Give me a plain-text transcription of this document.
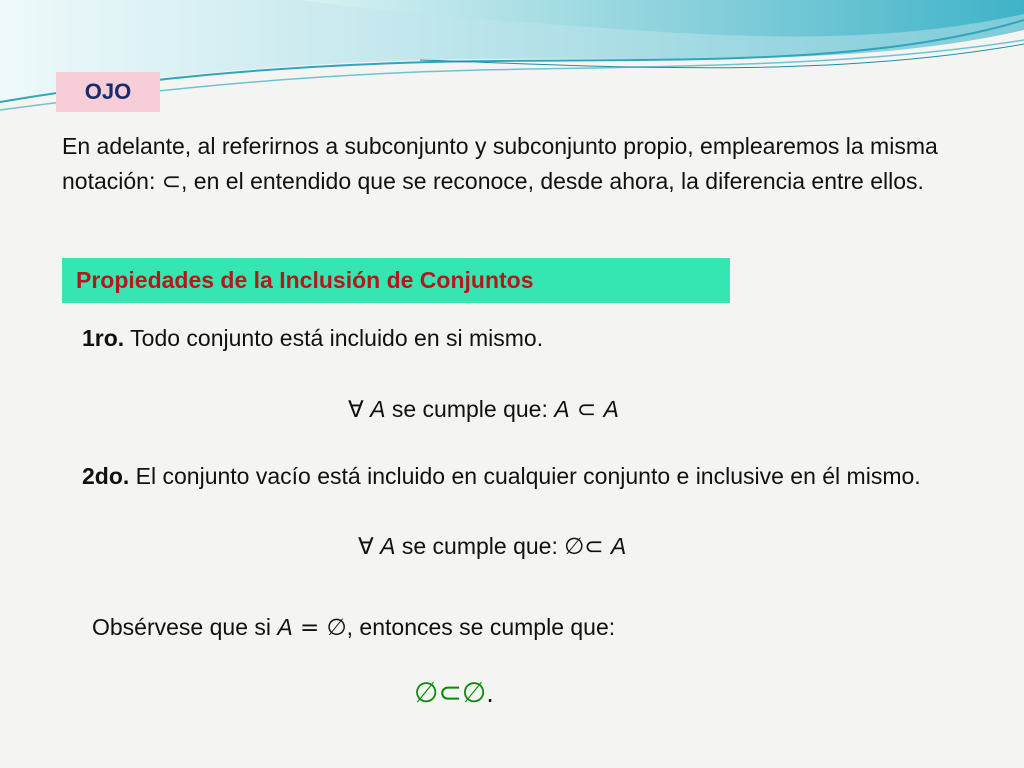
OJO
En adelante, al referirnos a subconjunto y subconjunto propio, emplearemos la misma notación: ⊂, en el entendido que se reconoce, desde ahora, la diferencia entre ellos.
Propiedades de la Inclusión de Conjuntos
1ro. Todo conjunto está incluido en si mismo.
∀ A se cumple que: A ⊂ A
2do. El conjunto vacío está incluido en cualquier conjunto e inclusive en él mismo.
∀ A se cumple que: ∅⊂ A
Obsérvese que si A = ∅, entonces se cumple que:
∅⊂∅.
